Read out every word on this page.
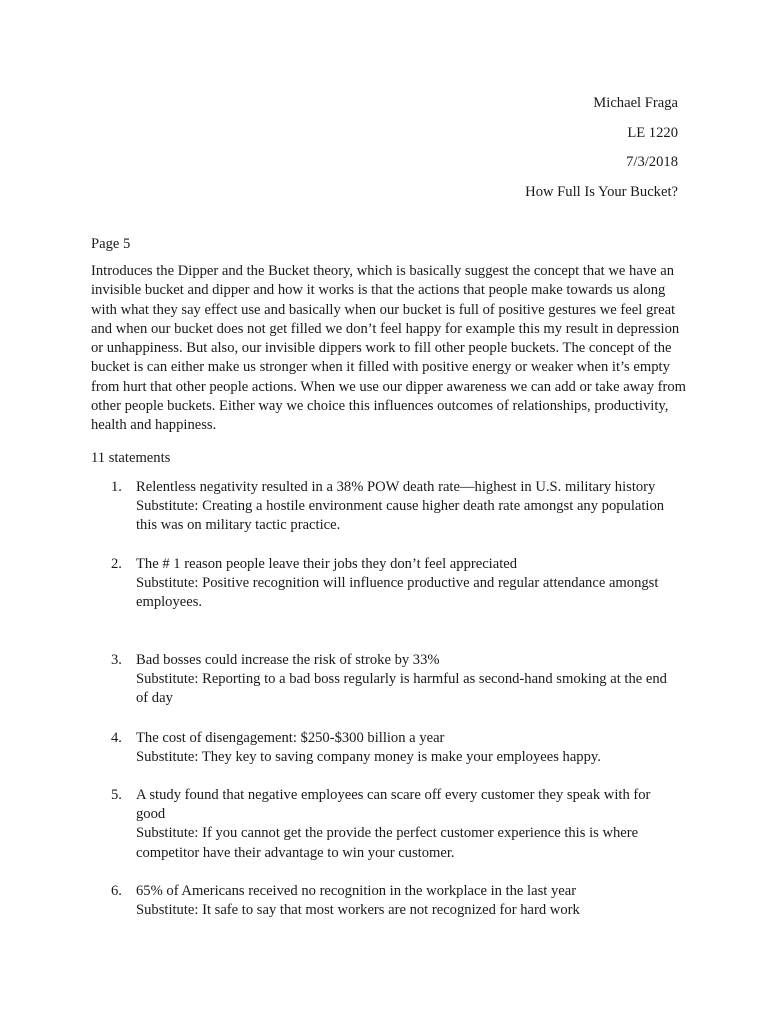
Michael Fraga
LE 1220
7/3/2018
How Full Is Your Bucket?
Page 5

Introduces the Dipper and the Bucket theory, which is basically suggest the concept that we have an invisible bucket and dipper and how it works is that the actions that people make towards us along with what they say effect use and basically when our bucket is full of positive gestures we feel great and when our bucket does not get filled we don’t feel happy for example this my result in depression or unhappiness. But also, our invisible dippers work to fill other people buckets. The concept of the bucket is can either make us stronger when it filled with positive energy or weaker when it’s empty from hurt that other people actions. When we use our dipper awareness we can add or take away from other people buckets. Either way we choice this influences outcomes of relationships, productivity, health and happiness.

11 statements
1. Relentless negativity resulted in a 38% POW death rate—highest in U.S. military history
Substitute: Creating a hostile environment cause higher death rate amongst any population this was on military tactic practice.
2. The # 1 reason people leave their jobs they don’t feel appreciated
Substitute: Positive recognition will influence productive and regular attendance amongst employees.
3. Bad bosses could increase the risk of stroke by 33%
Substitute: Reporting to a bad boss regularly is harmful as second-hand smoking at the end of day
4. The cost of disengagement: $250-$300 billion a year
Substitute: They key to saving company money is make your employees happy.
5. A study found that negative employees can scare off every customer they speak with for good
Substitute: If you cannot get the provide the perfect customer experience this is where competitor have their advantage to win your customer.
6. 65% of Americans received no recognition in the workplace in the last year
Substitute: It safe to say that most workers are not recognized for hard work
